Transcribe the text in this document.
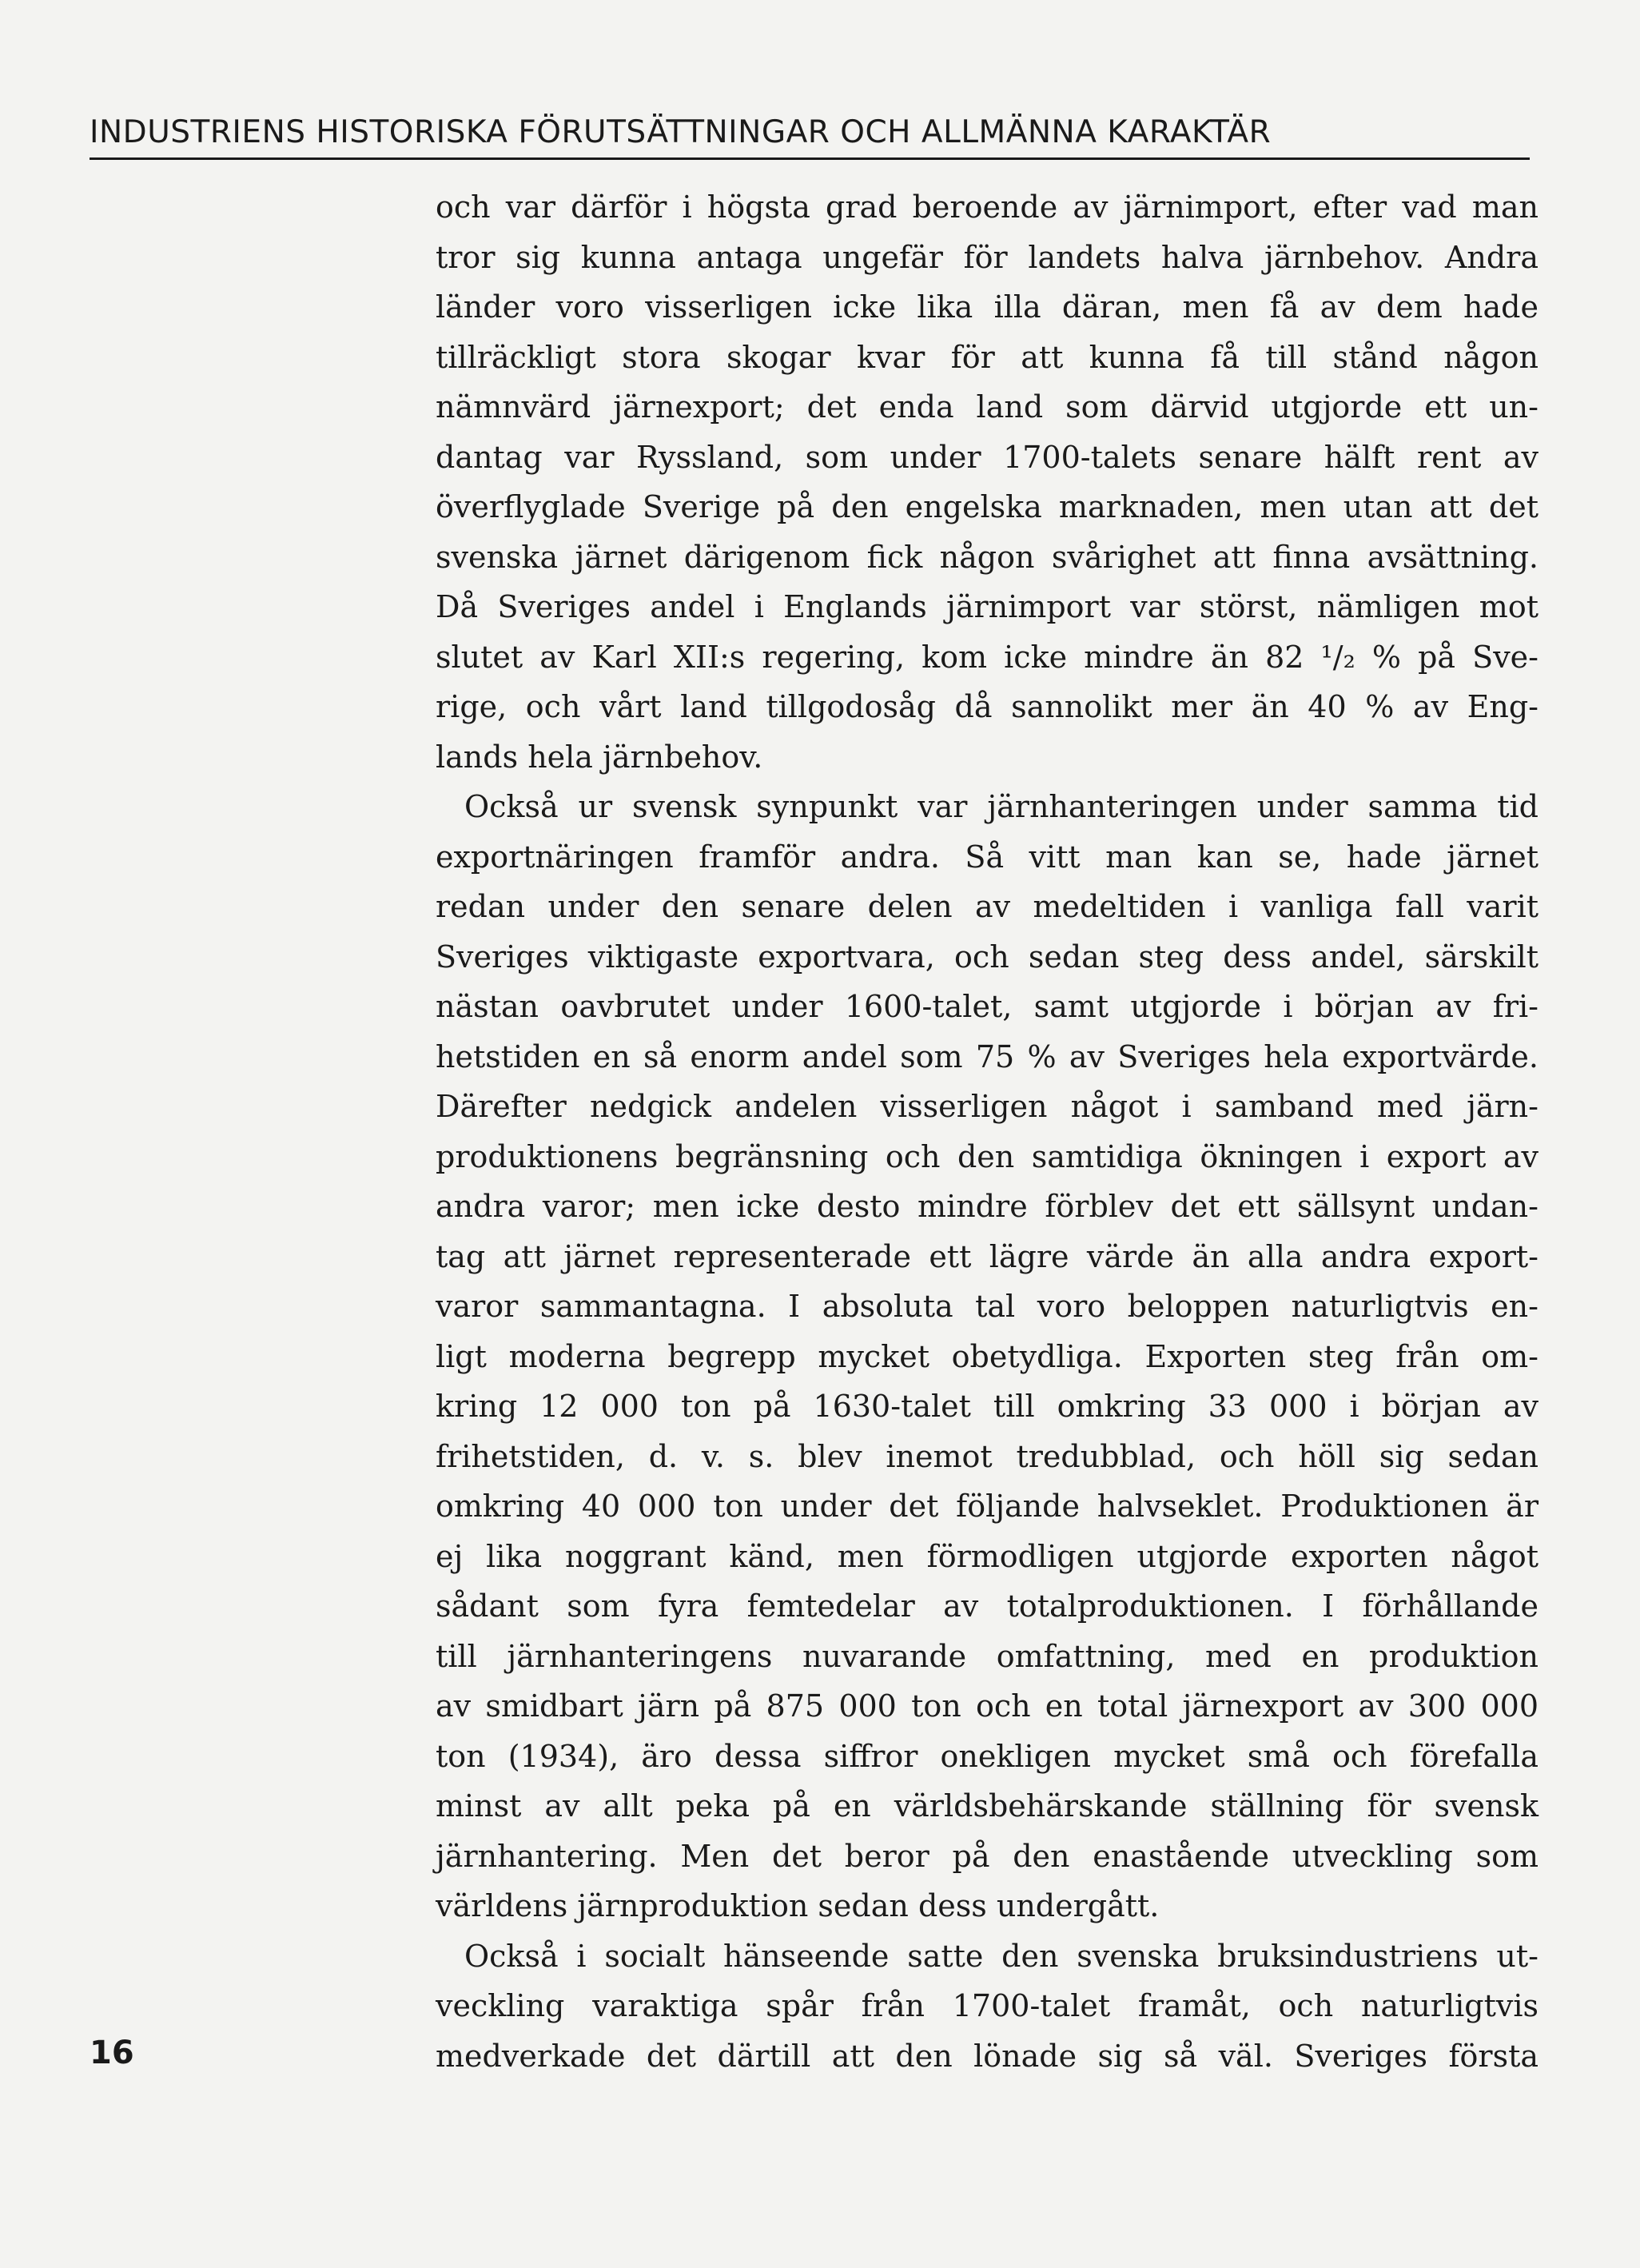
INDUSTRIENS HISTORISKA FÖRUTSÄTTNINGAR OCH ALLMÄNNA KARAKTÄR
och var därför i högsta grad beroende av järnimport, efter vad man
tror sig kunna antaga ungefär för landets halva järnbehov. Andra
länder voro visserligen icke lika illa däran, men få av dem hade
tillräckligt stora skogar kvar för att kunna få till stånd någon
nämnvärd järnexport; det enda land som därvid utgjorde ett un-
dantag var Ryssland, som under 1700-talets senare hälft rent av
överflyglade Sverige på den engelska marknaden, men utan att det
svenska järnet därigenom fick någon svårighet att finna avsättning.
Då Sveriges andel i Englands järnimport var störst, nämligen mot
slutet av Karl XII:s regering, kom icke mindre än 82 ¹/₂ % på Sve-
rige, och vårt land tillgodosåg då sannolikt mer än 40 % av Eng-
lands hela järnbehov.
Också ur svensk synpunkt var järnhanteringen under samma tid
exportnäringen framför andra. Så vitt man kan se, hade järnet
redan under den senare delen av medeltiden i vanliga fall varit
Sveriges viktigaste exportvara, och sedan steg dess andel, särskilt
nästan oavbrutet under 1600-talet, samt utgjorde i början av fri-
hetstiden en så enorm andel som 75 % av Sveriges hela exportvärde.
Därefter nedgick andelen visserligen något i samband med järn-
produktionens begränsning och den samtidiga ökningen i export av
andra varor; men icke desto mindre förblev det ett sällsynt undan-
tag att järnet representerade ett lägre värde än alla andra export-
varor sammantagna. I absoluta tal voro beloppen naturligtvis en-
ligt moderna begrepp mycket obetydliga. Exporten steg från om-
kring 12 000 ton på 1630-talet till omkring 33 000 i början av
frihetstiden, d. v. s. blev inemot tredubblad, och höll sig sedan
omkring 40 000 ton under det följande halvseklet. Produktionen är
ej lika noggrant känd, men förmodligen utgjorde exporten något
sådant som fyra femtedelar av totalproduktionen. I förhållande
till järnhanteringens nuvarande omfattning, med en produktion
av smidbart järn på 875 000 ton och en total järnexport av 300 000
ton (1934), äro dessa siffror onekligen mycket små och förefalla
minst av allt peka på en världsbehärskande ställning för svensk
järnhantering. Men det beror på den enastående utveckling som
världens järnproduktion sedan dess undergått.
Också i socialt hänseende satte den svenska bruksindustriens ut-
veckling varaktiga spår från 1700-talet framåt, och naturligtvis
medverkade det därtill att den lönade sig så väl. Sveriges första
16
